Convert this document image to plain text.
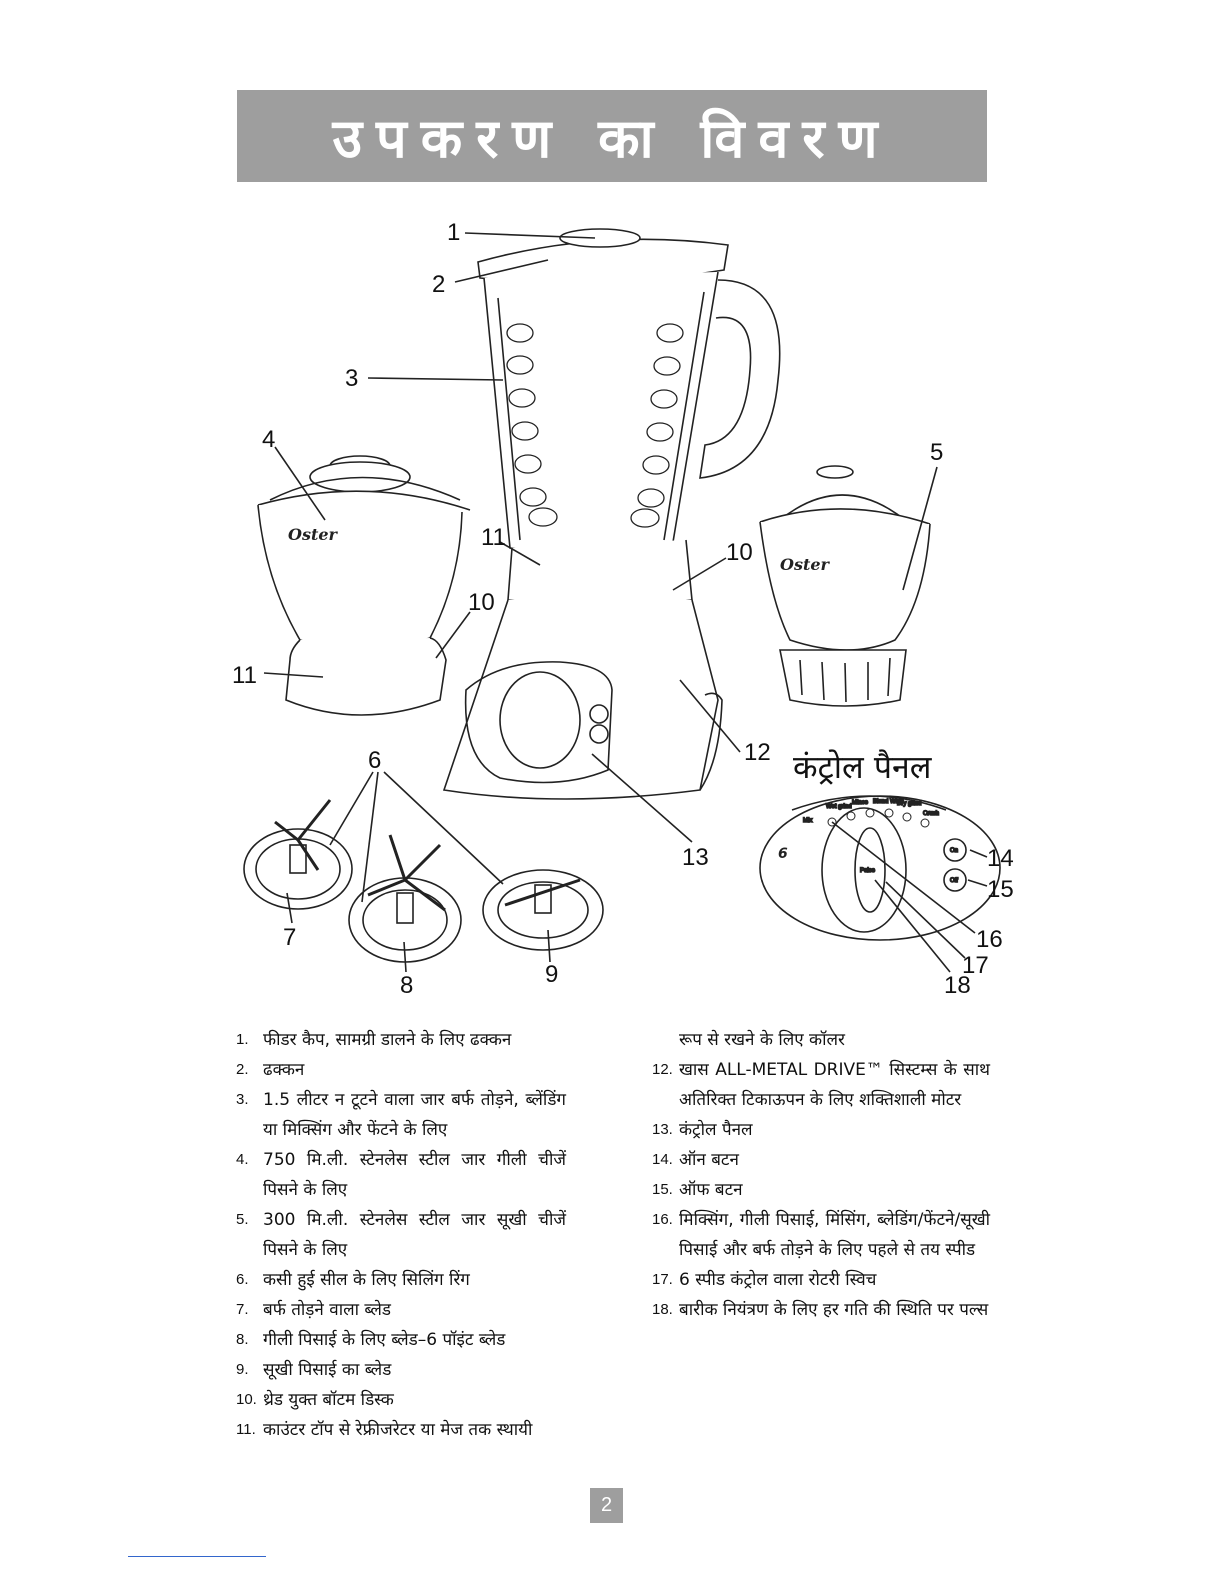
उपकरण का विवरण
Oster
Oster
Mix
Wet grind
Mince Blend Whip
Dry grind
Crush
On
Off
Pulse
6
कंट्रोल पैनल
1
2
3
4	5
6
7
8	9
10
10
11
11
12
13	14
15
16
17
18
1. फीडर कैप, सामग्री डालने के लिए ढक्कन
2. ढक्कन
3. 1.5 लीटर न टूटने वाला जार बर्फ तोड़ने, ब्लेंडिंग या मिक्सिंग और फेंटने के लिए
4. 750 मि.ली. स्टेनलेस स्टील जार गीली चीजें पिसने के लिए
5. 300 मि.ली. स्टेनलेस स्टील जार सूखी चीजें पिसने के लिए
6. कसी हुई सील के लिए सिलिंग रिंग
7. बर्फ तोड़ने वाला ब्लेड
8. गीली पिसाई के लिए ब्लेड–6 पॉइंट ब्लेड
9. सूखी पिसाई का ब्लेड
10. थ्रेड युक्त बॉटम डिस्क
11. काउंटर टॉप से रेफ्रीजरेटर या मेज तक स्थायी
रूप से रखने के लिए कॉलर
12. खास ALL-METAL DRIVE™ सिस्टम्स के साथ अतिरिक्त टिकाऊपन के लिए शक्तिशाली मोटर
13. कंट्रोल पैनल
14. ऑन बटन
15. ऑफ बटन
16. मिक्सिंग, गीली पिसाई, मिंसिंग, ब्लेडिंग/फेंटने/सूखी पिसाई और बर्फ तोड़ने के लिए पहले से तय स्पीड
17. 6 स्पीड कंट्रोल वाला रोटरी स्विच
18. बारीक नियंत्रण के लिए हर गति की स्थिति पर पल्स
2
